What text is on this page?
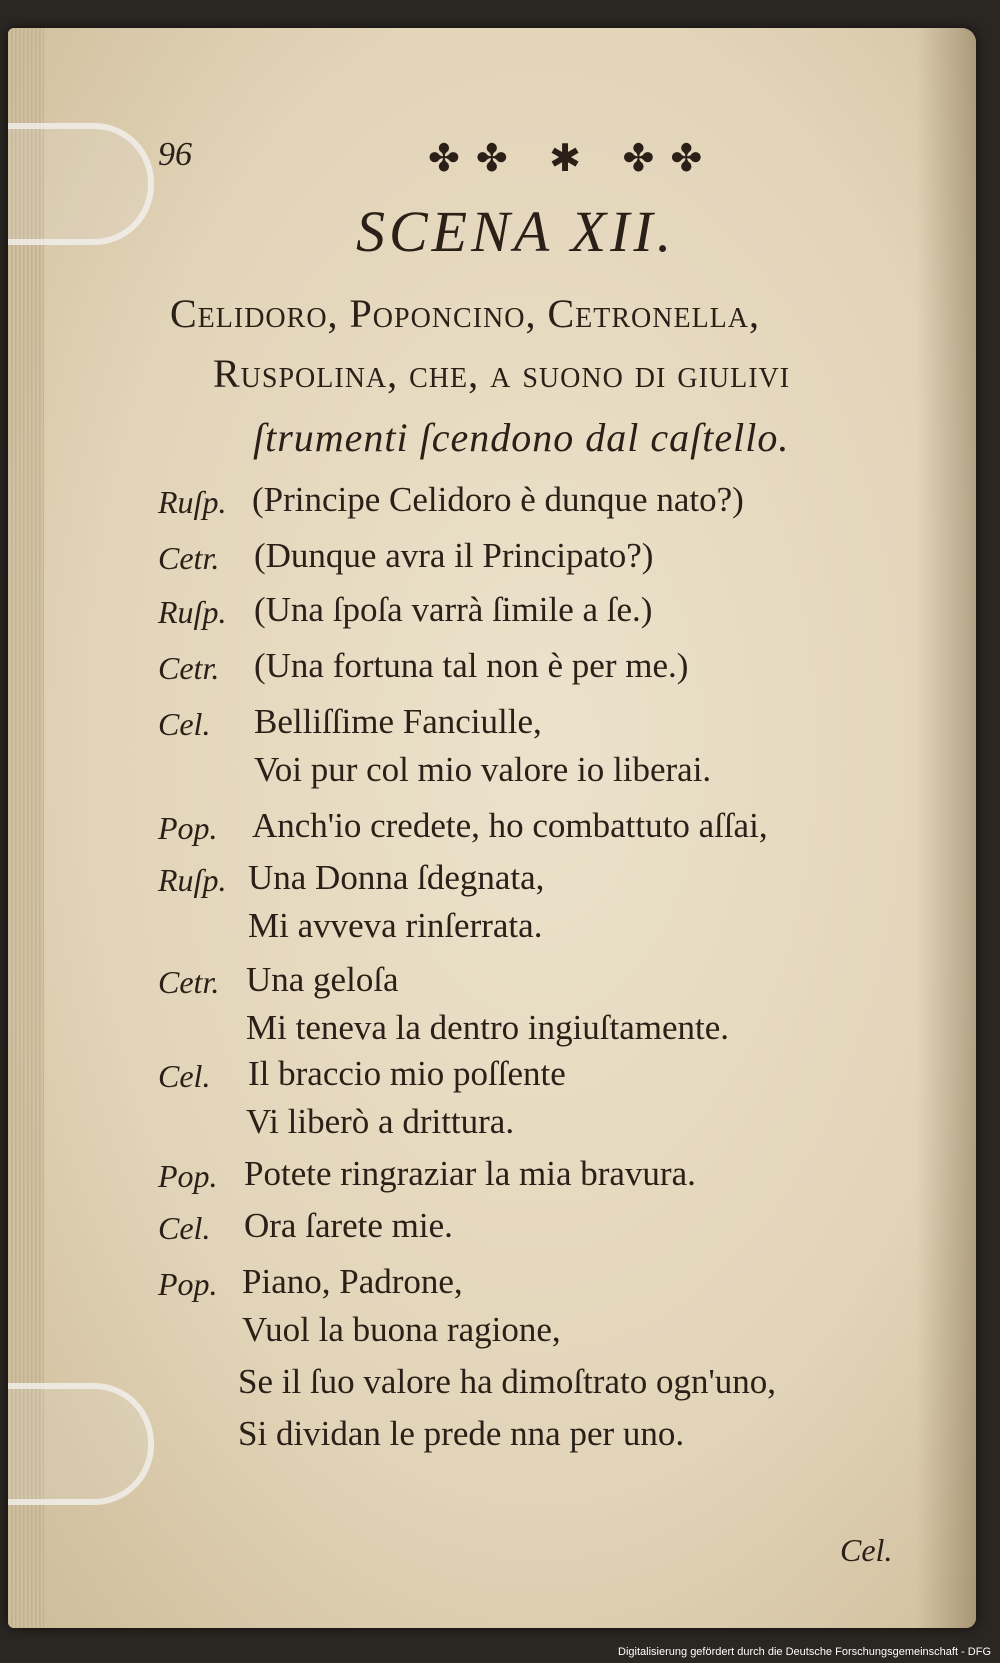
96	✤✤ ✱ ✤✤
SCENA XII.
Celidoro, Poponcino, Cetronella,
Ruspolina, che, a ſuono di giulivi
ſtrumenti ſcendono dal caſtello.
Ruſp. (Principe Celidoro è dunque nato?)
Cetr. (Dunque avra il Principato?)
Ruſp. (Una ſpoſa varrà ſimile a ſe.)
Cetr. (Una fortuna tal non è per me.)
Cel. Belliſſime Fanciulle,
Voi pur col mio valore io liberai.
Pop. Anch'io credete, ho combattuto aſſai,
Ruſp. Una Donna ſdegnata,
Mi avveva rinſerrata.
Cetr. Una geloſa
Mi teneva la dentro ingiuſtamente.
Cel. Il braccio mio poſſente
Vi liberò a drittura.
Pop. Potete ringraziar la mia bravura.
Cel. Ora ſarete mie.
Pop. Piano, Padrone,
Vuol la buona ragione,
Se il ſuo valore ha dimoſtrato ogn'uno,
Si dividan le prede nna per uno.
Cel.
Digitalisierung gefördert durch die Deutsche Forschungsgemeinschaft - DFG
